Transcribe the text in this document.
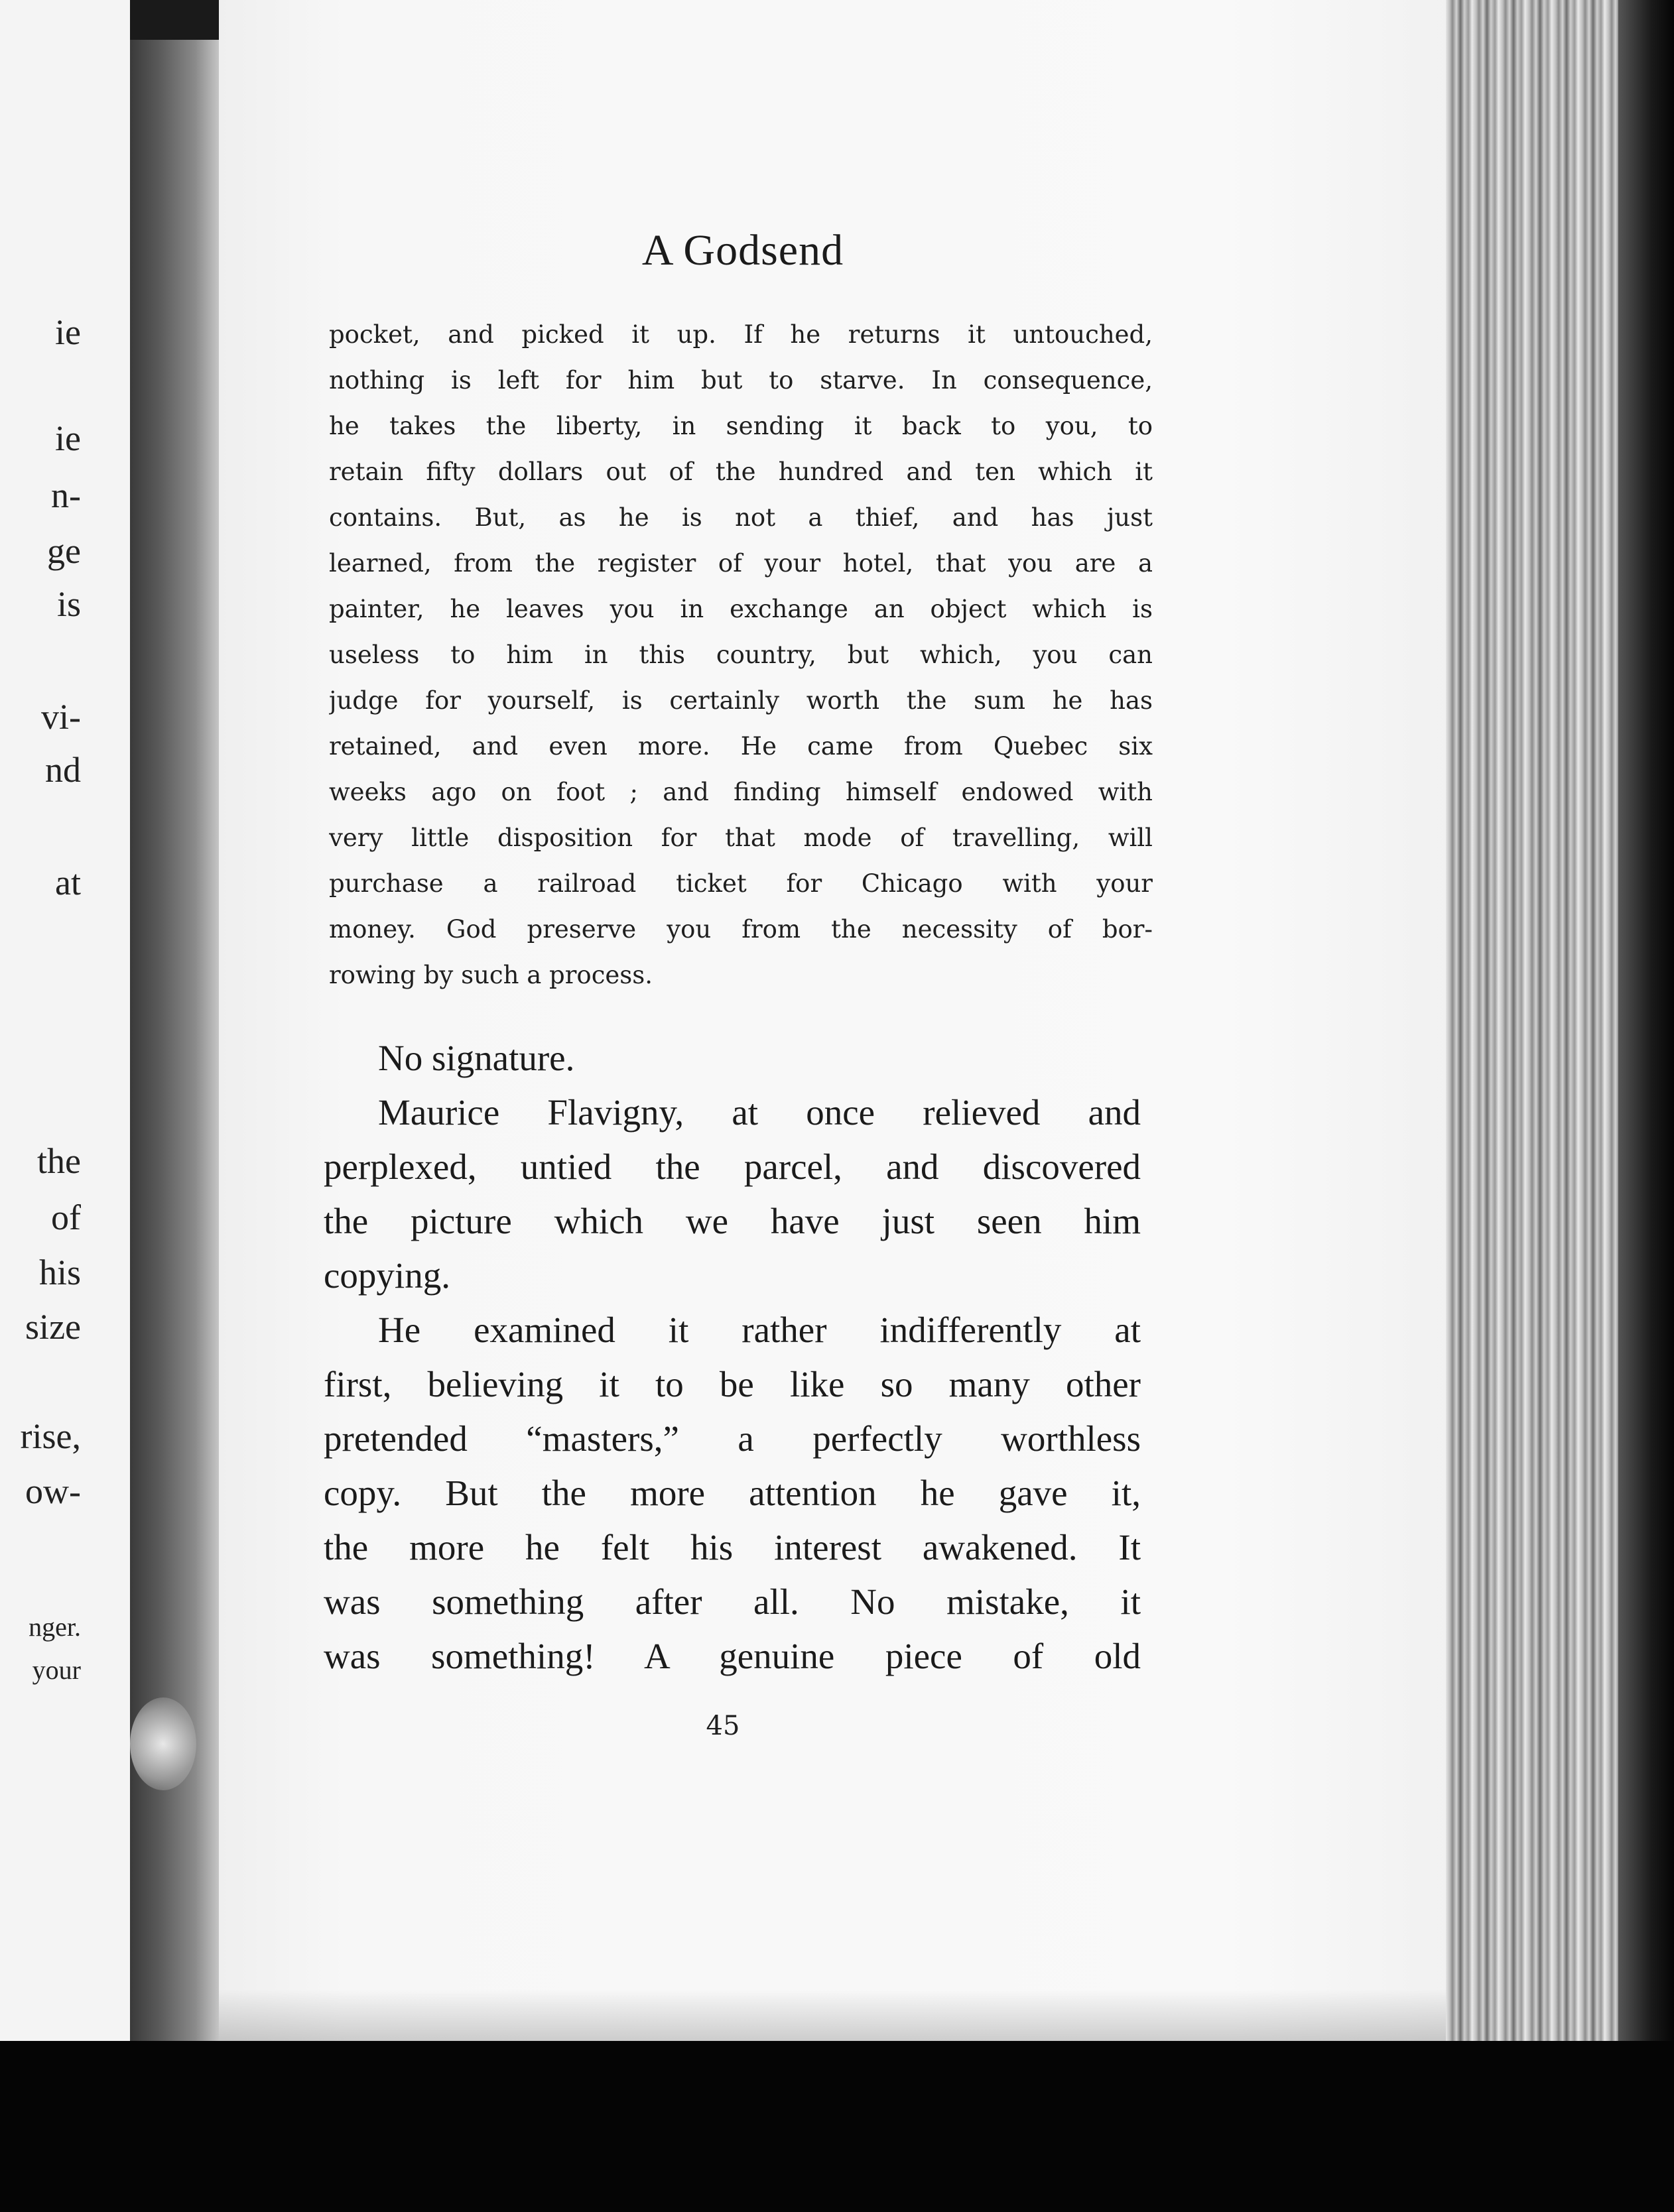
ie
ie
n-
ge
is
vi-
nd
at
the
of
his
size
rise,
ow-
nger.
your
A Godsend
pocket, and picked it up. If he returns it untouched,
nothing is left for him but to starve. In consequence,
he takes the liberty, in sending it back to you, to
retain fifty dollars out of the hundred and ten which it
contains. But, as he is not a thief, and has just
learned, from the register of your hotel, that you are a
painter, he leaves you in exchange an object which is
useless to him in this country, but which, you can
judge for yourself, is certainly worth the sum he has
retained, and even more. He came from Quebec six
weeks ago on foot ; and finding himself endowed with
very little disposition for that mode of travelling, will
purchase a railroad ticket for Chicago with your
money. God preserve you from the necessity of bor-
rowing by such a process.
No signature.
Maurice Flavigny, at once relieved and
perplexed, untied the parcel, and discovered
the picture which we have just seen him
copying.
He examined it rather indifferently at
first, believing it to be like so many other
pretended “masters,” a perfectly worthless
copy. But the more attention he gave it,
the more he felt his interest awakened. It
was something after all. No mistake, it
was something! A genuine piece of old
45
